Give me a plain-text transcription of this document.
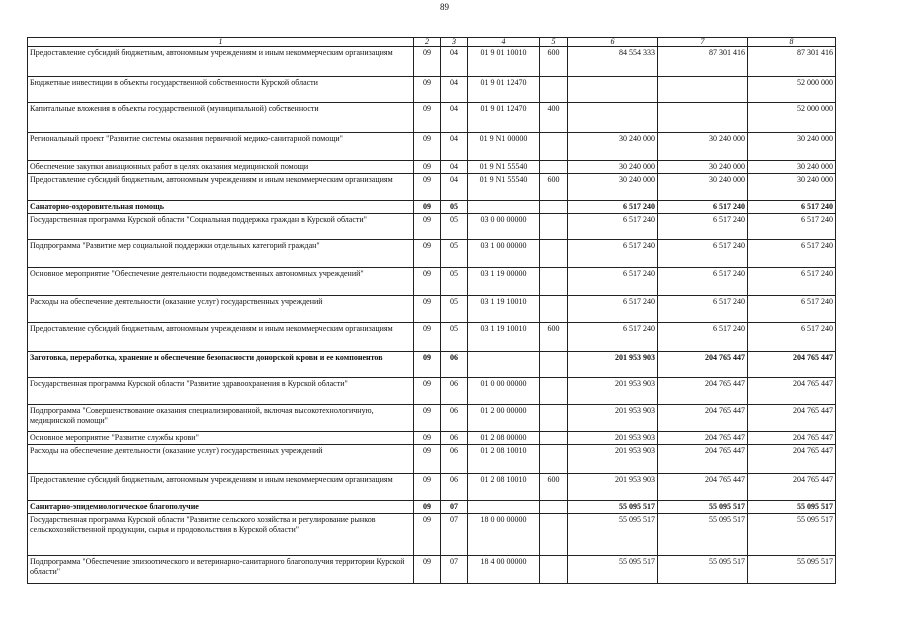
89
1	2	3	4	5	6	7	8
Предоставление субсидий бюджетным, автономным учреждениям и иным некоммерческим организациям	09	04	01 9 01 10010	600	84 554 333	87 301 416	87 301 416
Бюджетные инвестиции в объекты государственной собственности Курской области	09	04	01 9 01 12470				52 000 000
Капитальные вложения в объекты государственной (муниципальной) собственности	09	04	01 9 01 12470	400			52 000 000
Региональный проект "Развитие системы оказания первичной медико-санитарной помощи"	09	04	01 9 N1 00000		30 240 000	30 240 000	30 240 000
Обеспечение закупки авиационных работ в целях оказания медицинской помощи	09	04	01 9 N1 55540		30 240 000	30 240 000	30 240 000
Предоставление субсидий бюджетным, автономным учреждениям и иным некоммерческим организациям	09	04	01 9 N1 55540	600	30 240 000	30 240 000	30 240 000
Санаторно-оздоровительная помощь	09	05			6 517 240	6 517 240	6 517 240
Государственная программа Курской области "Социальная поддержка граждан в Курской области"	09	05	03 0 00 00000		6 517 240	6 517 240	6 517 240
Подпрограмма "Развитие мер социальной поддержки отдельных категорий граждан"	09	05	03 1 00 00000		6 517 240	6 517 240	6 517 240
Основное мероприятие "Обеспечение деятельности подведомственных автономных учреждений"	09	05	03 1 19 00000		6 517 240	6 517 240	6 517 240
Расходы на обеспечение деятельности (оказание услуг) государственных учреждений	09	05	03 1 19 10010		6 517 240	6 517 240	6 517 240
Предоставление субсидий бюджетным, автономным учреждениям и иным некоммерческим организациям	09	05	03 1 19 10010	600	6 517 240	6 517 240	6 517 240
Заготовка, переработка, хранение и обеспечение безопасности донорской крови и ее компонентов	09	06			201 953 903	204 765 447	204 765 447
Государственная программа Курской области "Развитие здравоохранения в Курской области"	09	06	01 0 00 00000		201 953 903	204 765 447	204 765 447
Подпрограмма "Совершенствование оказания специализированной, включая высокотехнологичную, медицинской помощи"	09	06	01 2 00 00000		201 953 903	204 765 447	204 765 447
Основное мероприятие "Развитие службы крови"	09	06	01 2 08 00000		201 953 903	204 765 447	204 765 447
Расходы на обеспечение деятельности (оказание услуг) государственных учреждений	09	06	01 2 08 10010		201 953 903	204 765 447	204 765 447
Предоставление субсидий бюджетным, автономным учреждениям и иным некоммерческим организациям	09	06	01 2 08 10010	600	201 953 903	204 765 447	204 765 447
Санитарно-эпидемиологическое благополучие	09	07			55 095 517	55 095 517	55 095 517
Государственная программа Курской области "Развитие сельского хозяйства и регулирование рынков сельскохозяйственной продукции, сырья и продовольствия в Курской области"	09	07	18 0 00 00000		55 095 517	55 095 517	55 095 517
Подпрограмма "Обеспечение эпизоотического и ветеринарно-санитарного благополучия территории Курской области"	09	07	18 4 00 00000		55 095 517	55 095 517	55 095 517
